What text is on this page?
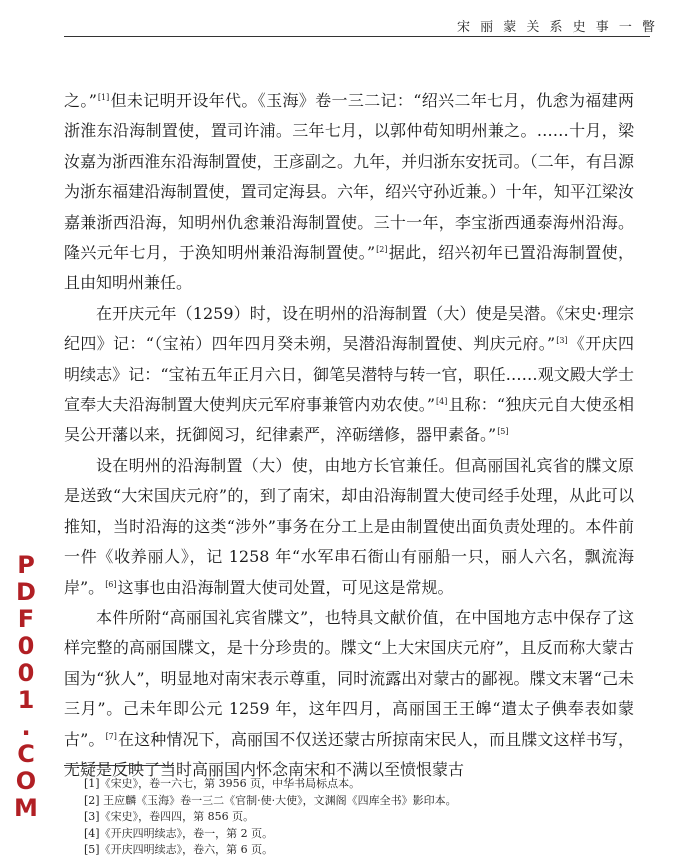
宋 丽 蒙 关 系 史 事 一 瞥

之。”[1]但未记明开设年代。《玉海》卷一三二记：“绍兴二年七月，仇悆为福建两浙淮东沿海制置使，置司许浦。三年七月，以郭仲荀知明州兼之。……十月，梁汝嘉为浙西淮东沿海制置使，王彦副之。九年，并归浙东安抚司。（二年，有吕源为浙东福建沿海制置使，置司定海县。六年，绍兴守孙近兼。）十年，知平江梁汝嘉兼浙西沿海，知明州仇悆兼沿海制置使。三十一年，李宝浙西通泰海州沿海。隆兴元年七月，于涣知明州兼沿海制置使。”[2]据此，绍兴初年已置沿海制置使，且由知明州兼任。

在开庆元年（1259）时，设在明州的沿海制置（大）使是吴潜。《宋史·理宗纪四》记：“（宝祐）四年四月癸未朔，吴潜沿海制置使、判庆元府。”[3]《开庆四明续志》记：“宝祐五年正月六日，御笔吴潜特与转一官，职任……观文殿大学士宣奉大夫沿海制置大使判庆元军府事兼管内劝农使。”[4]且称：“独庆元自大使丞相吴公开藩以来，抚御阅习，纪律素严，淬砺缮修，器甲素备。”[5]

设在明州的沿海制置（大）使，由地方长官兼任。但高丽国礼宾省的牒文原是送致“大宋国庆元府”的，到了南宋，却由沿海制置大使司经手处理，从此可以推知，当时沿海的这类“涉外”事务在分工上是由制置使出面负责处理的。本件前一件《收养丽人》，记 1258 年“水军串石衙山有丽船一只，丽人六名，飘流海岸”。[6]这事也由沿海制置大使司处置，可见这是常规。

本件所附“高丽国礼宾省牒文”，也特具文献价值，在中国地方志中保存了这样完整的高丽国牒文，是十分珍贵的。牒文“上大宋国庆元府”，且反而称大蒙古国为“狄人”，明显地对南宋表示尊重，同时流露出对蒙古的鄙视。牒文末署“己未三月”。己未年即公元 1259 年，这年四月，高丽国王王皞“遣太子倎奉表如蒙古”。[7]在这种情况下，高丽国不仅送还蒙古所掠南宋民人，而且牒文这样书写，无疑是反映了当时高丽国内怀念南宋和不满以至愤恨蒙古

P
D
F
0
0
1
.
C
O
M
[1]《宋史》，卷一六七，第 3956 页，中华书局标点本。
[2] 王应麟《玉海》卷一三二《官制·使·大使》，文渊阁《四库全书》影印本。
[3]《宋史》，卷四四，第 856 页。
[4]《开庆四明续志》，卷一，第 2 页。
[5]《开庆四明续志》，卷六，第 6 页。
